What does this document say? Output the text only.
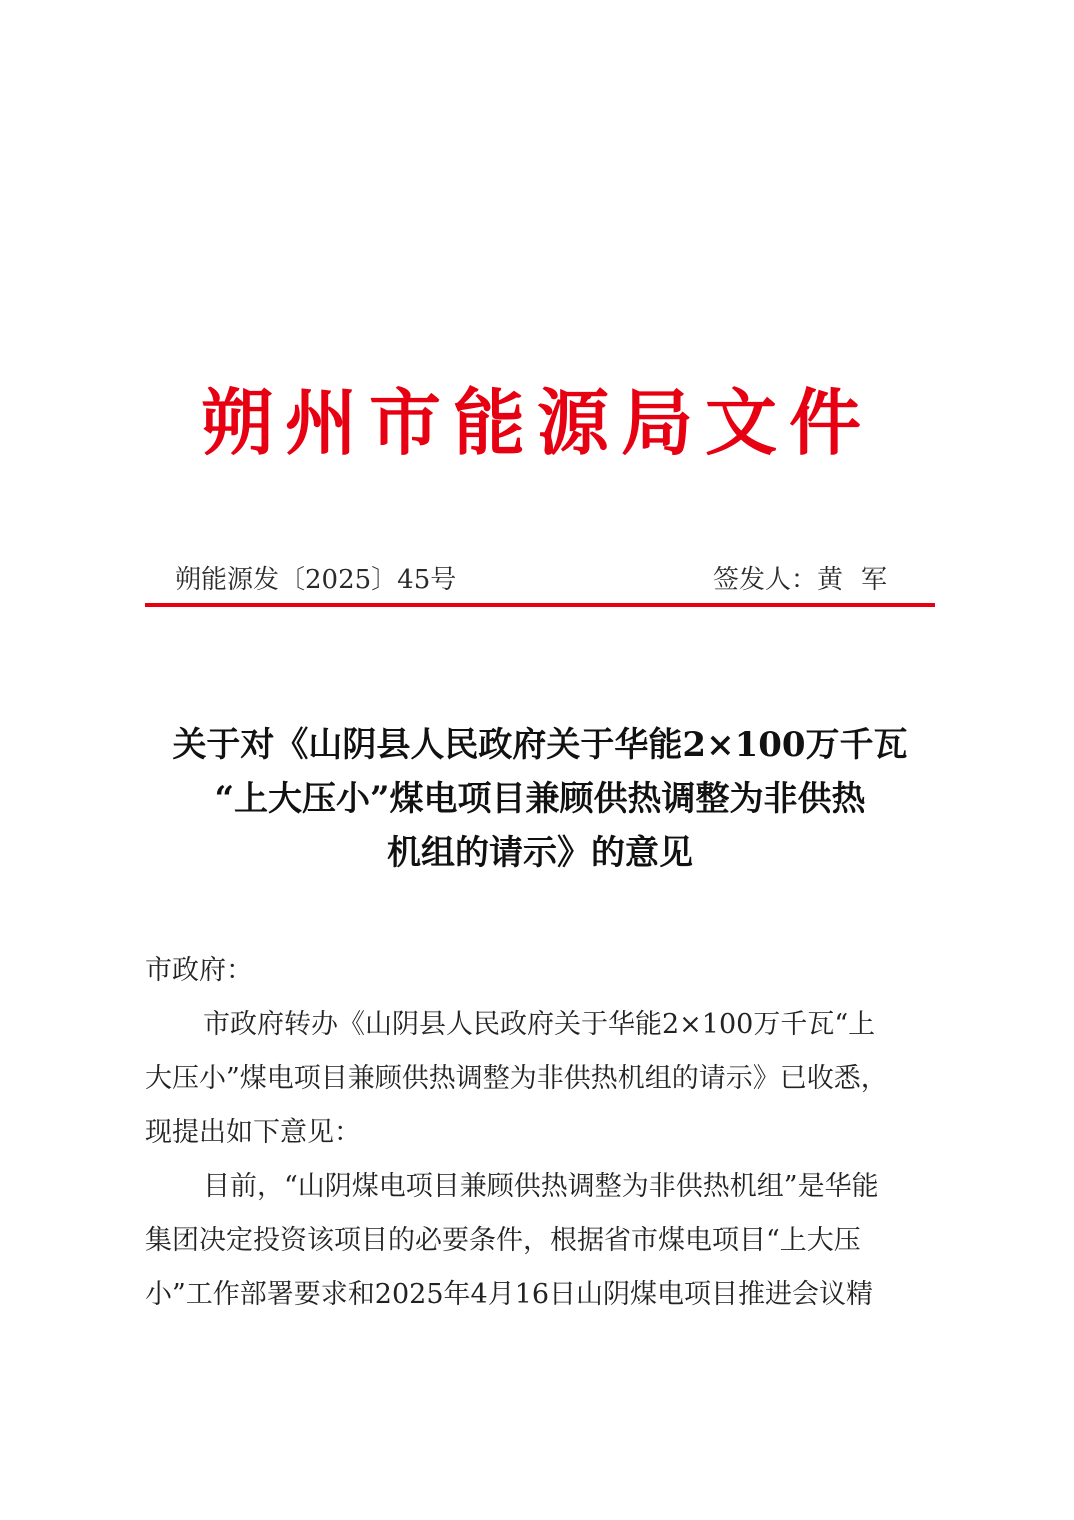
朔州市能源局文件
朔能源发〔2025〕45号	签发人：黄军
关于对《山阴县人民政府关于华能2×100万千瓦
“上大压小”煤电项目兼顾供热调整为非供热
机组的请示》的意见
市政府：
市政府转办《山阴县人民政府关于华能2×100万千瓦“上
大压小”煤电项目兼顾供热调整为非供热机组的请示》已收悉，
现提出如下意见：
目前，“山阴煤电项目兼顾供热调整为非供热机组”是华能
集团决定投资该项目的必要条件，根据省市煤电项目“上大压
小”工作部署要求和2025年4月16日山阴煤电项目推进会议精
